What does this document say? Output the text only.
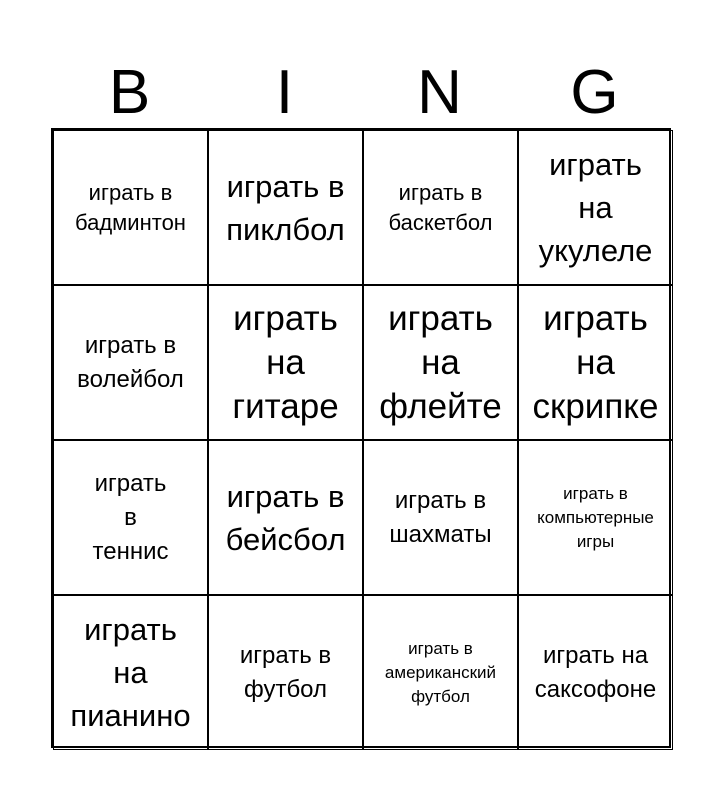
B	I	N	G
играть в
бадминтон
играть в
пиклбол
играть в
баскетбол
играть
на
укулеле
играть в
волейбол
играть
на
гитаре
играть
на
флейте
играть
на
скрипке
играть
в
теннис
играть в
бейсбол
играть в
шахматы
играть в
компьютерные
игры
играть
на
пианино
играть в
футбол
играть в
американский
футбол
играть на
саксофоне
